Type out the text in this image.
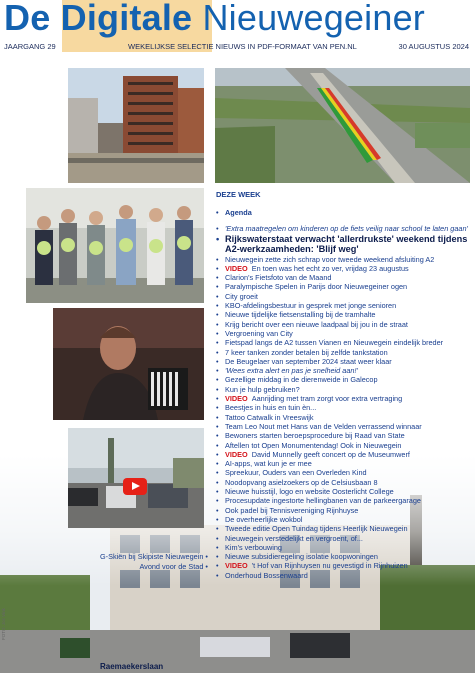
De Digitale Nieuwegeiner
JAARGANG 29	WEKELIJKSE SELECTIE NIEUWS IN PDF-FORMAAT VAN PEN.NL	30 AUGUSTUS 2024
DEZE WEEK
• Agenda
• 'Extra maatregelen om kinderen op de fiets veilig naar school te laten gaan'
• Rijkswaterstaat verwacht 'allerdrukste' weekend tijdens A2-werkzaamheden: 'Blijf weg'
• Nieuwegein zette zich schrap voor tweede weekend afsluiting A2
• VIDEO En toen was het echt zo ver, vrijdag 23 augustus
• Clarion's Fietsfoto van de Maand
• Paralympische Spelen in Parijs door Nieuwegeiner ogen
• City groeit
• KBO-afdelingsbestuur in gesprek met jonge senioren
• Nieuwe tijdelijke fietsenstalling bij de tramhalte
• Krijg bericht over een nieuwe laadpaal bij jou in de straat
• Vergroening van City
• Fietspad langs de A2 tussen Vianen en Nieuwegein eindelijk breder
• 7 keer tanken zonder betalen bij zelfde tankstation
• De Beugelaer van september 2024 staat weer klaar
• 'Wees extra alert en pas je snelheid aan!'
• Gezellige middag in de dierenweide in Galecop
• Kun je hulp gebruiken?
• VIDEO Aanrijding met tram zorgt voor extra vertraging
• Beestjes in huis en tuin èn...
• Tattoo Catwalk in Vreeswijk
• Team Leo Nout met Hans van de Velden verrassend winnaar
• Bewoners starten beroepsprocedure bij Raad van State
• Aftellen tot Open Monumentendag! Ook in Nieuwegein
• VIDEO David Munnelly geeft concert op de Museumwerf
• AI-apps, wat kun je er mee
• Spreekuur, Ouders van een Overleden Kind
• Noodopvang asielzoekers op de Celsiusbaan 8
• Nieuwe huisstijl, logo en website Oosterlicht College
• Procesupdate ingestorte hellingbanen van de parkeergarage
• Ook padel bij Tennisvereniging Rijnhuyse
• De overheerlijke wokbol
• Tweede editie Open Tuindag tijdens Heerlijk Nieuwegein
• Nieuwegein verstedelijkt en vergroent, of...
• Kim's verbouwing
• Nieuwe subsidieregeling isolatie koopwoningen
• VIDEO 't Hof van Rijnhuysen nu gevestigd in Rijnhuizen
• Onderhoud Bossenwaard
G-Skiën bij Skipiste Nieuwegein •
Avond voor de Stad •
Raemaekerslaan
FOTO: Jos Vink
